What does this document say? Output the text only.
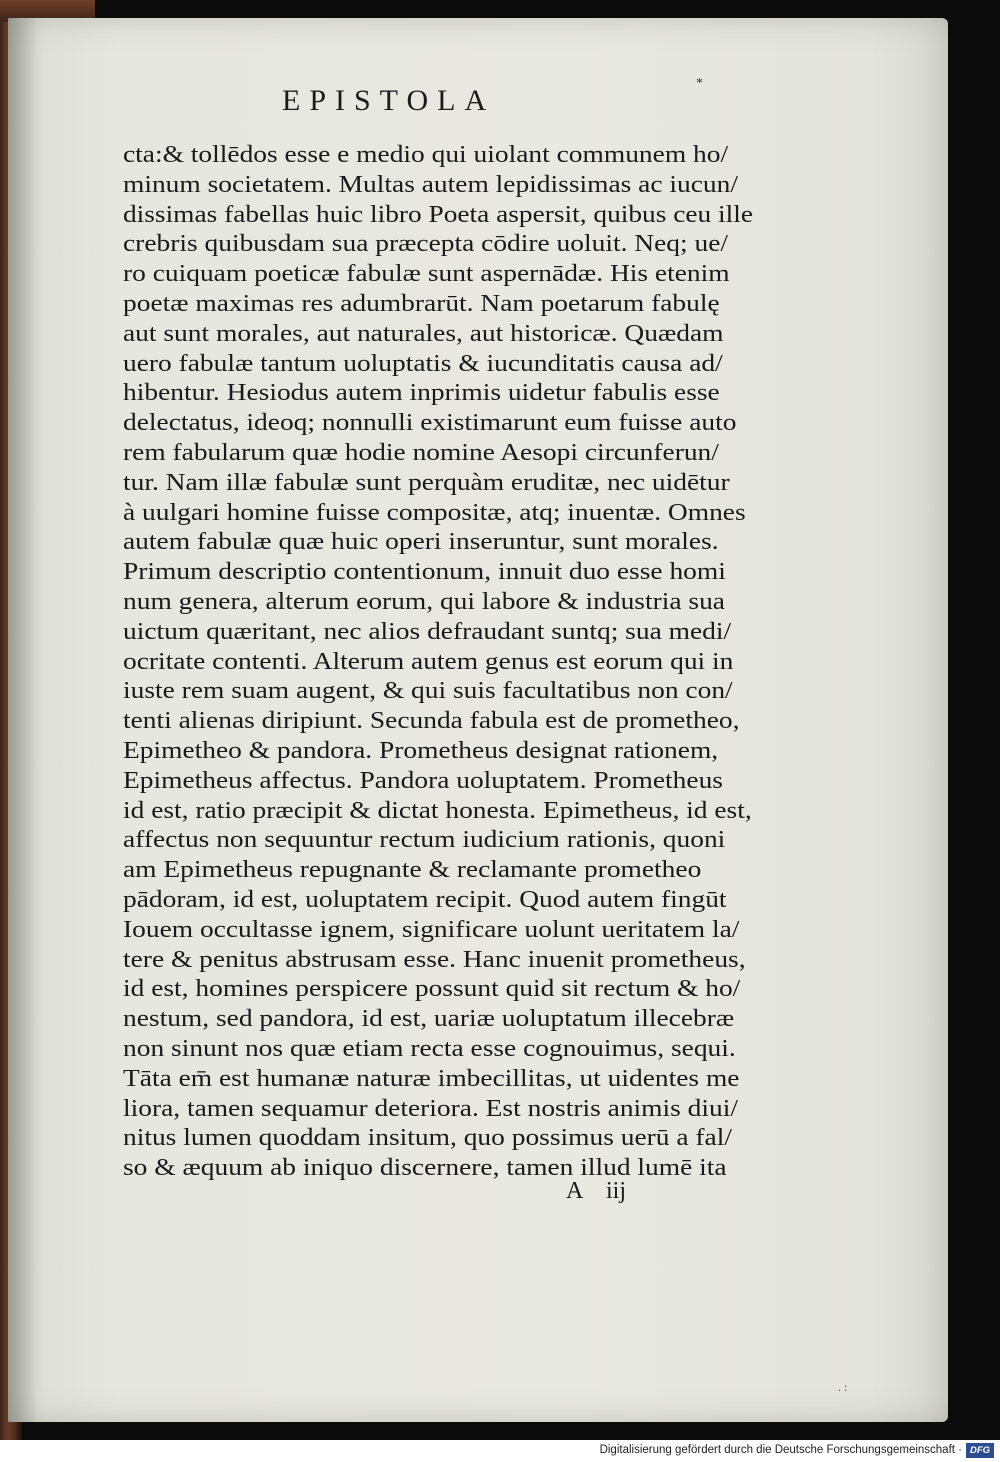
EPISTOLA
*
cta:& tollēdos esse e medio qui uiolant communem ho/
minum societatem. Multas autem lepidissimas ac iucun/
dissimas fabellas huic libro Poeta aspersit, quibus ceu ille
crebris quibusdam sua præcepta cōdire uoluit. Neq; ue/
ro cuiquam poeticæ fabulæ sunt aspernādæ. His etenim
poetæ maximas res adumbrarūt. Nam poetarum fabulę
aut sunt morales, aut naturales, aut historicæ. Quædam
uero fabulæ tantum uoluptatis & iucunditatis causa ad/
hibentur. Hesiodus autem inprimis uidetur fabulis esse
delectatus, ideoq; nonnulli existimarunt eum fuisse auto
rem fabularum quæ hodie nomine Aesopi circunferun/
tur. Nam illæ fabulæ sunt perquàm eruditæ, nec uidētur
à uulgari homine fuisse compositæ, atq; inuentæ. Omnes
autem fabulæ quæ huic operi inseruntur, sunt morales.
Primum descriptio contentionum, innuit duo esse homi
num genera, alterum eorum, qui labore & industria sua
uictum quæritant, nec alios defraudant suntq; sua medi/
ocritate contenti. Alterum autem genus est eorum qui in
iuste rem suam augent, & qui suis facultatibus non con/
tenti alienas diripiunt. Secunda fabula est de prometheo,
Epimetheo & pandora. Prometheus designat rationem,
Epimetheus affectus. Pandora uoluptatem. Prometheus
id est, ratio præcipit & dictat honesta. Epimetheus, id est,
affectus non sequuntur rectum iudicium rationis, quoni
am Epimetheus repugnante & reclamante prometheo
pādoram, id est, uoluptatem recipit. Quod autem fingūt
Iouem occultasse ignem, significare uolunt ueritatem la/
tere & penitus abstrusam esse. Hanc inuenit prometheus,
id est, homines perspicere possunt quid sit rectum & ho/
nestum, sed pandora, id est, uariæ uoluptatum illecebræ
non sinunt nos quæ etiam recta esse cognouimus, sequi.
Tāta em̄ est humanæ naturæ imbecillitas, ut uidentes me
liora, tamen sequamur deteriora. Est nostris animis diui/
nitus lumen quoddam insitum, quo possimus uerū a fal/
so & æquum ab iniquo discernere, tamen illud lumē ita
A iij
. :
Digitalisierung gefördert durch die Deutsche Forschungsgemeinschaft · DFG
